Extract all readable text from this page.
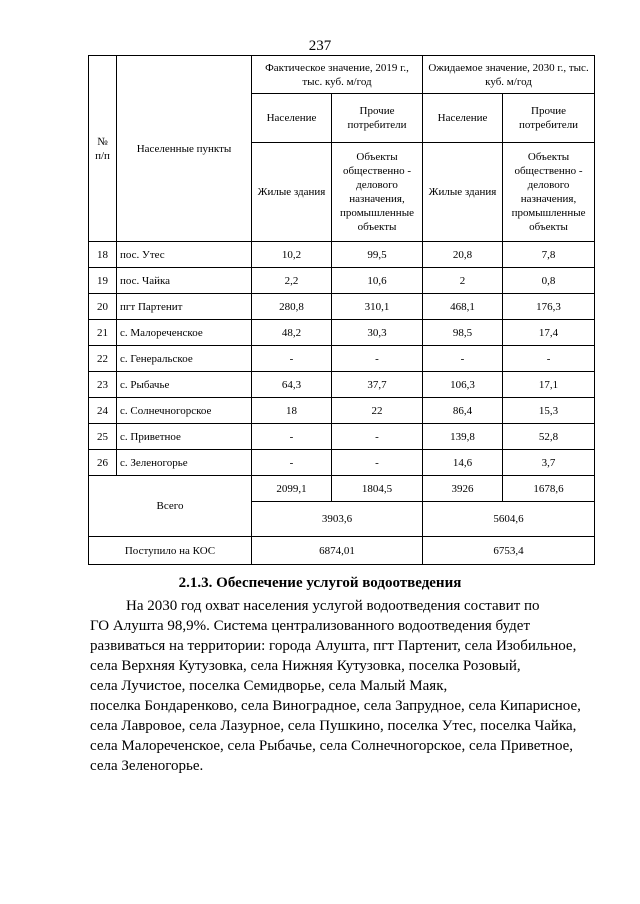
237
№ п/п	Населенные пункты	Фактическое значение, 2019 г., тыс. куб. м/год		Ожидаемое значение, 2030 г., тыс. куб. м/год	
		Население	Прочие потребители	Население	Прочие потребители
		Жилые здания	Объекты общественно - делового назначения, промышленные объекты	Жилые здания	Объекты общественно - делового назначения, промышленные объекты
18	пос. Утес	10,2	99,5	20,8	7,8
19	пос. Чайка	2,2	10,6	2	0,8
20	пгт Партенит	280,8	310,1	468,1	176,3
21	с. Малореченское	48,2	30,3	98,5	17,4
22	с. Генеральское	-	-	-	-
23	с. Рыбачье	64,3	37,7	106,3	17,1
24	с. Солнечногорское	18	22	86,4	15,3
25	с. Приветное	-	-	139,8	52,8
26	с. Зеленогорье	-	-	14,6	3,7
Всего		2099,1	1804,5	3926	1678,6
		3903,6		5604,6	
Поступило на КОС		6874,01		6753,4	
2.1.3. Обеспечение услугой водоотведения

На 2030 год охват населения услугой водоотведения составит по

ГО Алушта 98,9%. Система централизованного водоотведения будет

развиваться на территории: города Алушта, пгт Партенит, села Изобильное,

села Верхняя Кутузовка, села Нижняя Кутузовка, поселка Розовый,

села Лучистое, поселка Семидворье, села Малый Маяк,

поселка Бондаренково, села Виноградное, села Запрудное, села Кипарисное,

села Лавровое, села Лазурное, села Пушкино, поселка Утес, поселка Чайка,

села Малореченское, села Рыбачье, села Солнечногорское, села Приветное,

села Зеленогорье.
